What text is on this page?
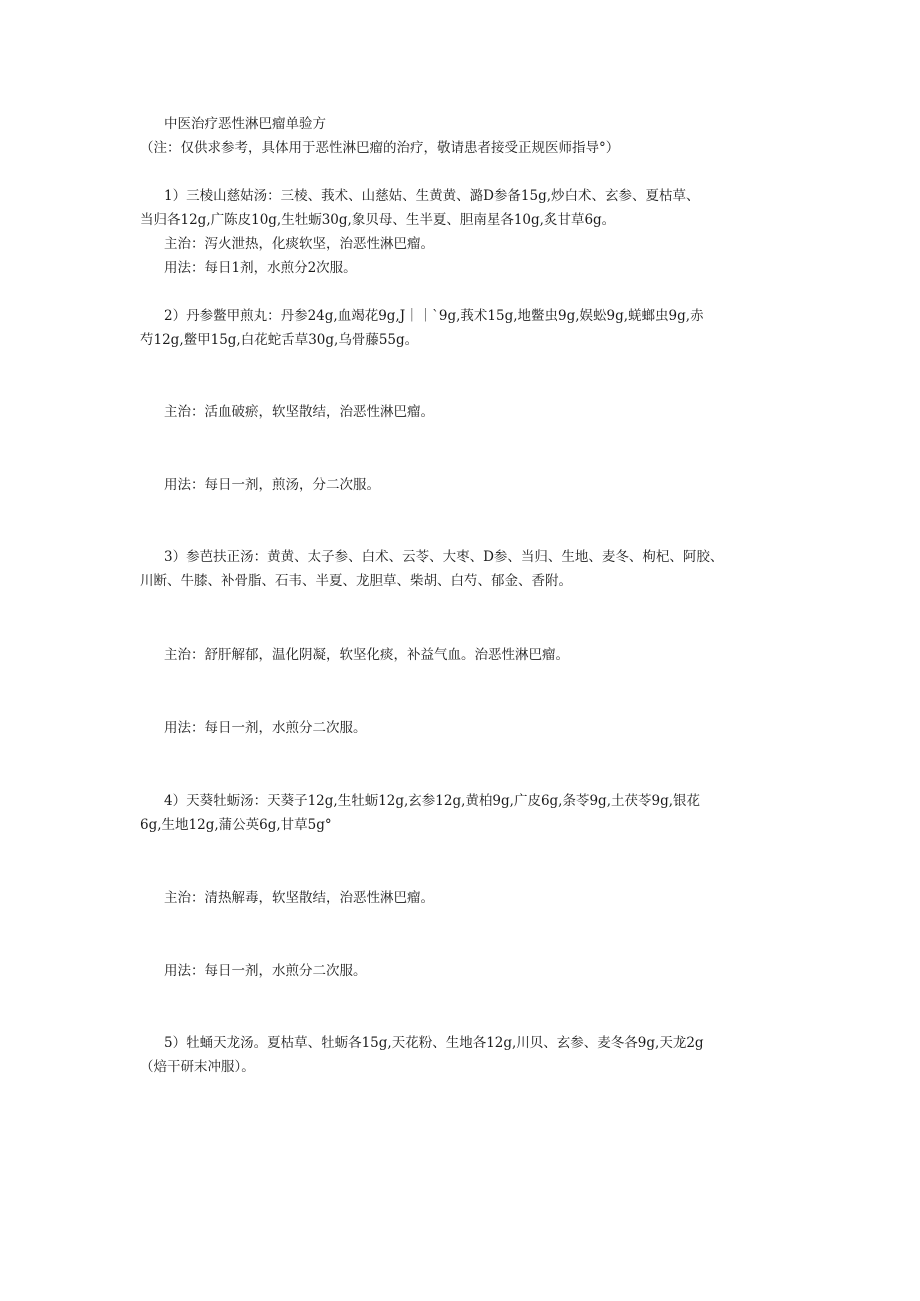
中医治疗恶性淋巴瘤单验方
（注：仅供求参考，具体用于恶性淋巴瘤的治疗，敬请患者接受正规医师指导°）
1）三棱山慈姑汤：三棱、莪术、山慈姑、生黄黄、潞D参备15g,炒白术、玄参、夏枯草、
当归各12g,广陈皮10g,生牡蛎30g,象贝母、生半夏、胆南星各10g,炙甘草6g。
主治：泻火泄热，化痰软坚，治恶性淋巴瘤。
用法：每日1剂，水煎分2次服。
2）丹参鳖甲煎丸：丹参24g,血竭花9g,J｜｜`9g,莪术15g,地鳖虫9g,娱蚣9g,蜣螂虫9g,赤
芍12g,鳖甲15g,白花蛇舌草30g,乌骨藤55g。
主治：活血破瘀，软坚散结，治恶性淋巴瘤。
用法：每日一剂，煎汤，分二次服。
3）参芭扶正汤：黄黄、太子参、白术、云苓、大枣、D参、当归、生地、麦冬、枸杞、阿胶、
川断、牛膝、补骨脂、石韦、半夏、龙胆草、柴胡、白芍、郁金、香附。
主治：舒肝解郁，温化阴凝，软坚化痰，补益气血。治恶性淋巴瘤。
用法：每日一剂，水煎分二次服。
4）天葵牡蛎汤：天葵子12g,生牡蛎12g,玄参12g,黄柏9g,广皮6g,条苓9g,土茯苓9g,银花
6g,生地12g,蒲公英6g,甘草5g°
主治：清热解毒，软坚散结，治恶性淋巴瘤。
用法：每日一剂，水煎分二次服。
5）牡蛹天龙汤。夏枯草、牡蛎各15g,天花粉、生地各12g,川贝、玄参、麦冬各9g,天龙2g
（焙干研末冲服）。
